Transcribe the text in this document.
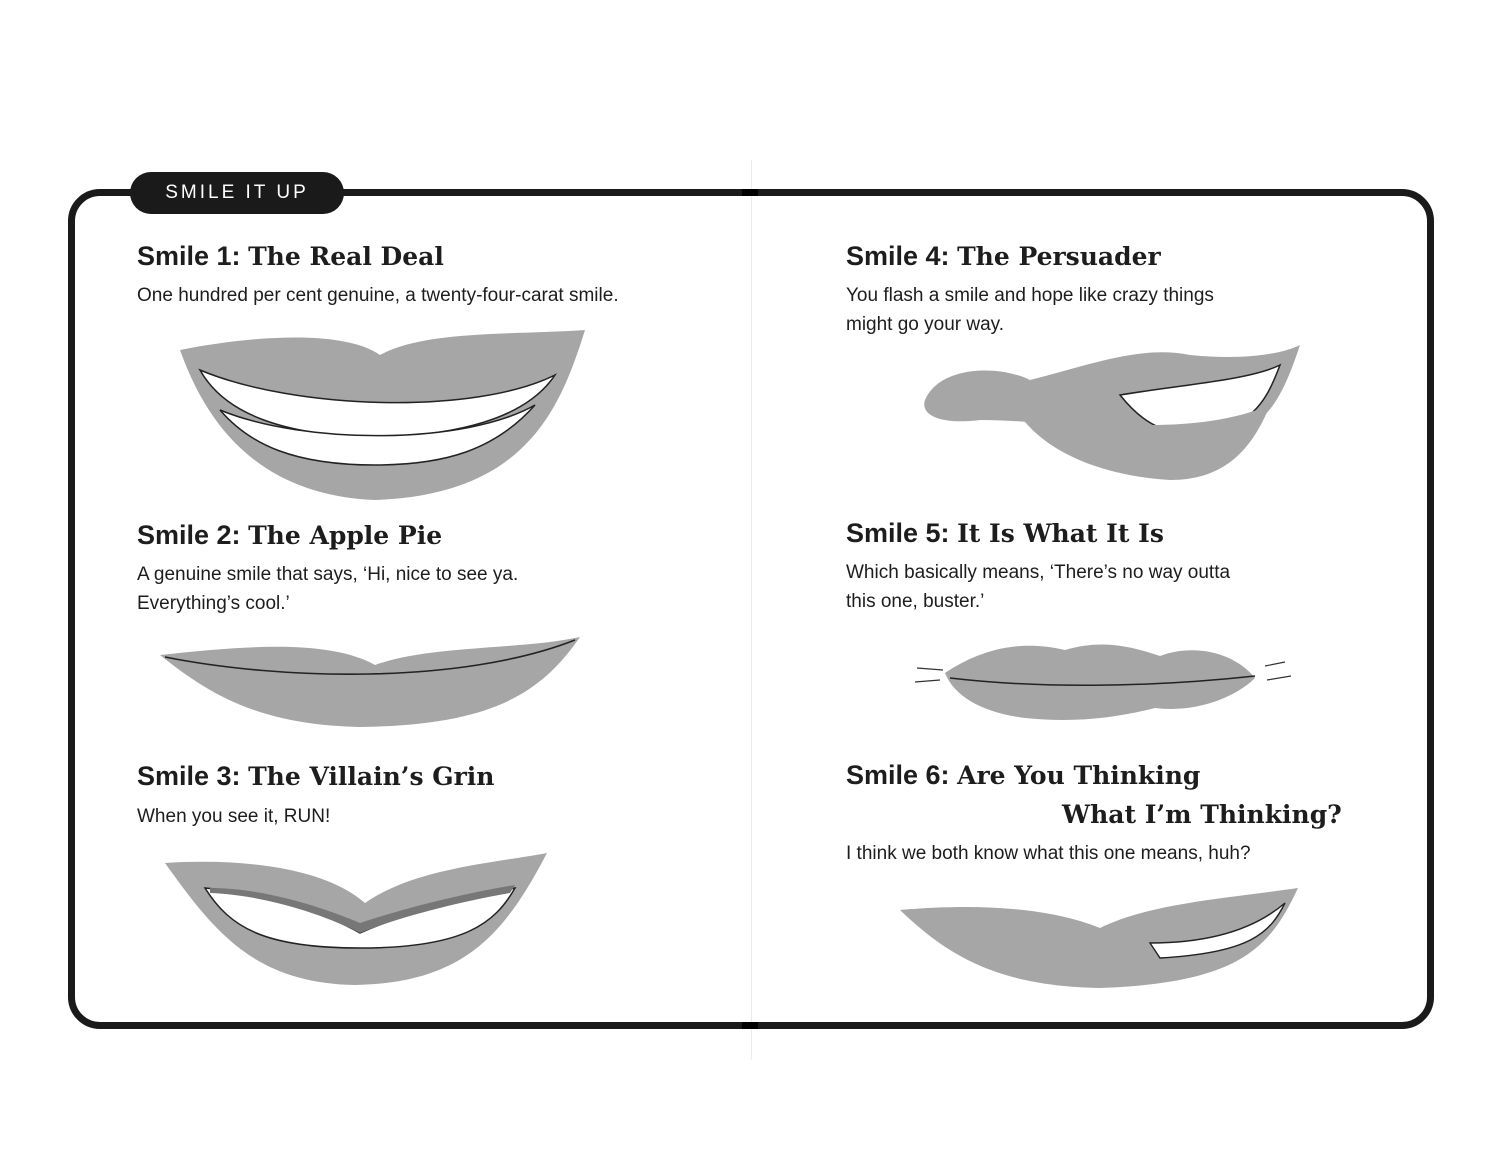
SMILE IT UP
Smile 1: The Real Deal
One hundred per cent genuine, a twenty-four-carat smile.
Smile 2: The Apple Pie
A genuine smile that says, ‘Hi, nice to see ya.
Everything’s cool.’
Smile 3: The Villain’s Grin
When you see it, RUN!
Smile 4: The Persuader
You flash a smile and hope like crazy things
might go your way.
Smile 5: It Is What It Is
Which basically means, ‘There’s no way outta
this one, buster.’
Smile 6: Are You Thinking
What I’m Thinking?
I think we both know what this one means, huh?
